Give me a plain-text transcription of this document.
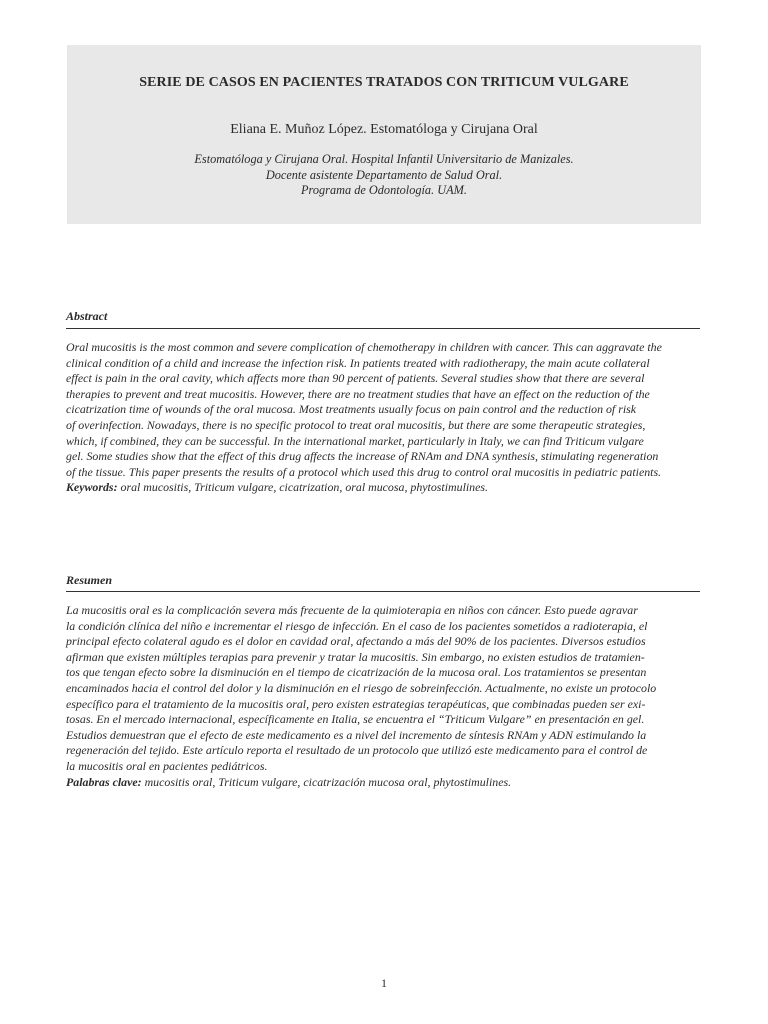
SERIE DE CASOS EN PACIENTES TRATADOS CON TRITICUM VULGARE
Eliana E. Muñoz López. Estomatóloga y Cirujana Oral
Estomatóloga y Cirujana Oral. Hospital Infantil Universitario de Manizales.
Docente asistente Departamento de Salud Oral.
Programa de Odontología. UAM.
Abstract
Oral mucositis is the most common and severe complication of chemotherapy in children with cancer. This can aggravate the
clinical condition of a child and increase the infection risk. In patients treated with radiotherapy, the main acute collateral
effect is pain in the oral cavity, which affects more than 90 percent of patients. Several studies show that there are several
therapies to prevent and treat mucositis. However, there are no treatment studies that have an effect on the reduction of the
cicatrization time of wounds of the oral mucosa. Most treatments usually focus on pain control and the reduction of risk
of overinfection. Nowadays, there is no specific protocol to treat oral mucositis, but there are some therapeutic strategies,
which, if combined, they can be successful. In the international market, particularly in Italy, we can find Triticum vulgare
gel. Some studies show that the effect of this drug affects the increase of RNAm and DNA synthesis, stimulating regeneration
of the tissue. This paper presents the results of a protocol which used this drug to control oral mucositis in pediatric patients.
Keywords: oral mucositis, Triticum vulgare, cicatrization, oral mucosa, phytostimulines.
Resumen
La mucositis oral es la complicación severa más frecuente de la quimioterapia en niños con cáncer. Esto puede agravar
la condición clínica del niño e incrementar el riesgo de infección. En el caso de los pacientes sometidos a radioterapia, el
principal efecto colateral agudo es el dolor en cavidad oral, afectando a más del 90% de los pacientes. Diversos estudios
afirman que existen múltiples terapias para prevenir y tratar la mucositis. Sin embargo, no existen estudios de tratamien-
tos que tengan efecto sobre la disminución en el tiempo de cicatrización de la mucosa oral. Los tratamientos se presentan
encaminados hacia el control del dolor y la disminución en el riesgo de sobreinfección. Actualmente, no existe un protocolo
específico para el tratamiento de la mucositis oral, pero existen estrategias terapéuticas, que combinadas pueden ser exi-
tosas. En el mercado internacional, específicamente en Italia, se encuentra el “Triticum Vulgare” en presentación en gel.
Estudios demuestran que el efecto de este medicamento es a nivel del incremento de síntesis RNAm y ADN estimulando la
regeneración del tejido. Este artículo reporta el resultado de un protocolo que utilizó este medicamento para el control de
la mucositis oral en pacientes pediátricos.
Palabras clave: mucositis oral, Triticum vulgare, cicatrización mucosa oral, phytostimulines.
1
